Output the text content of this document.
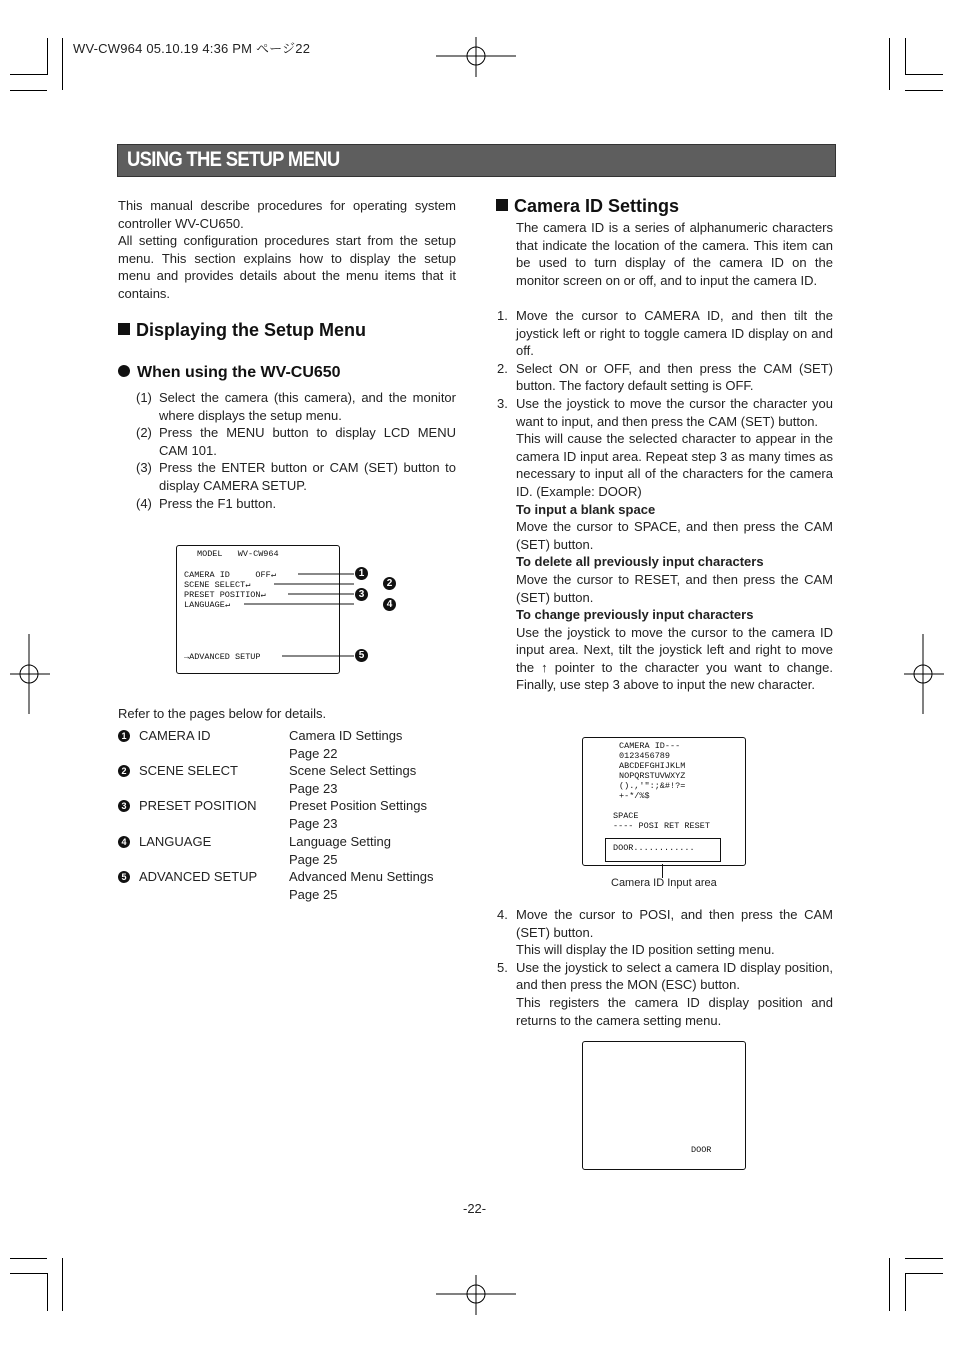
WV-CW964 05.10.19 4:36 PM ページ22
USING THE SETUP MENU
This manual describe procedures for operating system controller WV-CU650.
All setting configuration procedures start from the setup menu. This section explains how to display the setup menu and provides details about the menu items that it contains.
Displaying the Setup Menu
When using the WV-CU650
(1) Select the camera (this camera), and the monitor where displays the setup menu.
(2) Press the MENU button to display LCD MENU CAM 101.
(3) Press the ENTER button or CAM (SET) button to display CAMERA SETUP.
(4) Press the F1 button.
MODEL   WV-CW964
CAMERA ID     OFF↵
SCENE SELECT↵
PRESET POSITION↵
LANGUAGE↵
→ADVANCED SETUP
1
2
3
4
5
Refer to the pages below for details.
1 CAMERA ID	Camera ID Settings
Page 22
2 SCENE SELECT	Scene Select Settings
Page 23
3 PRESET POSITION Preset Position Settings
Page 23
4 LANGUAGE	Language Setting
Page 25
5 ADVANCED SETUP Advanced Menu Settings
Page 25
Camera ID Settings
The camera ID is a series of alphanumeric characters that indicate the location of the camera. This item can be used to turn display of the camera ID on the monitor screen on or off, and to input the camera ID.
1. Move the cursor to CAMERA ID, and then tilt the joystick left or right to toggle camera ID display on and off.
2. Select ON or OFF, and then press the CAM (SET) button. The factory default setting is OFF.
3. Use the joystick to move the cursor the character you want to input, and then press the CAM (SET) button.
This will cause the selected character to appear in the camera ID input area. Repeat step 3 as many times as necessary to input all of the characters for the camera ID. (Example: DOOR)
To input a blank space
Move the cursor to SPACE, and then press the CAM (SET) button.
To delete all previously input characters
Move the cursor to RESET, and then press the CAM (SET) button.
To change previously input characters
Use the joystick to move the cursor to the camera ID input area. Next, tilt the joystick left and right to move the ↑ pointer to the character you want to change. Finally, use step 3 above to input the new character.
CAMERA ID---
0123456789
ABCDEFGHIJKLM
NOPQRSTUVWXYZ
().,'":;&#!?=
+-*/%$
SPACE
---- POSI RET RESET
DOOR............
Camera ID Input area
4. Move the cursor to POSI, and then press the CAM (SET) button.
This will display the ID position setting menu.
5. Use the joystick to select a camera ID display position, and then press the MON (ESC) button.
This registers the camera ID display position and returns to the camera setting menu.
DOOR
-22-
